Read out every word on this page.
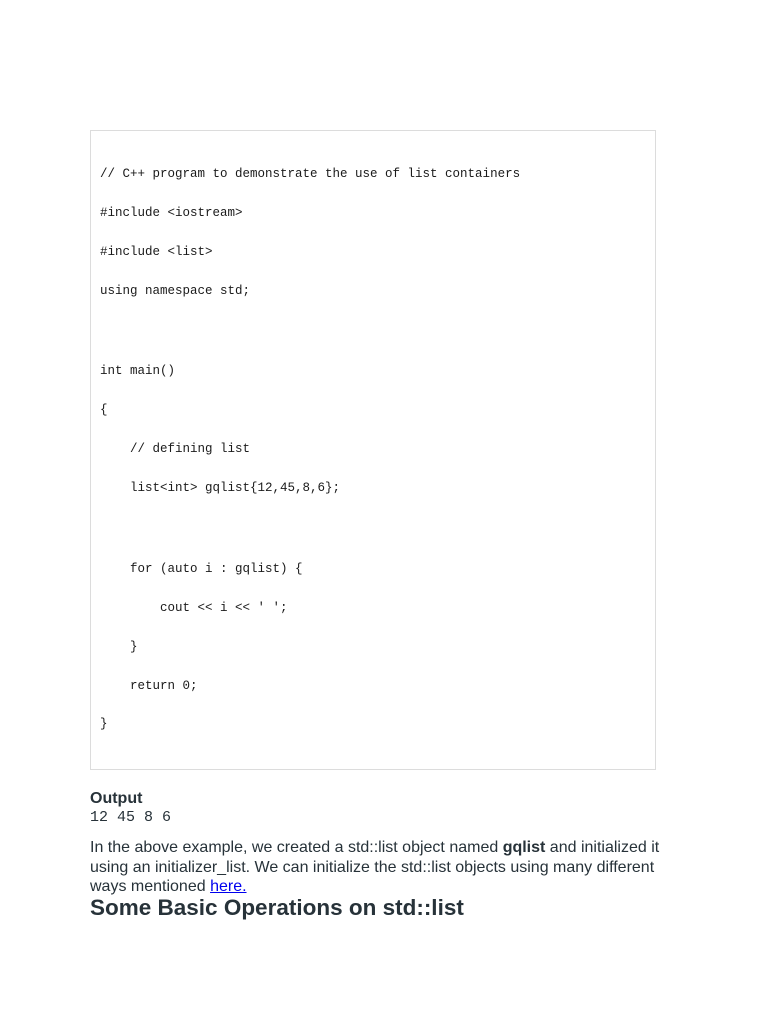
// C++ program to demonstrate the use of list containers
#include <iostream>
#include <list>
using namespace std;
int main()
{
// defining list
list<int> gqlist{12,45,8,6};
for (auto i : gqlist) {
cout << i << ' ';
}
return 0;
}
Output
12 45 8 6

In the above example, we created a std::list object named gqlist and initialized it using an initializer_list. We can initialize the std::list objects using many different ways mentioned here.

Some Basic Operations on std::list
